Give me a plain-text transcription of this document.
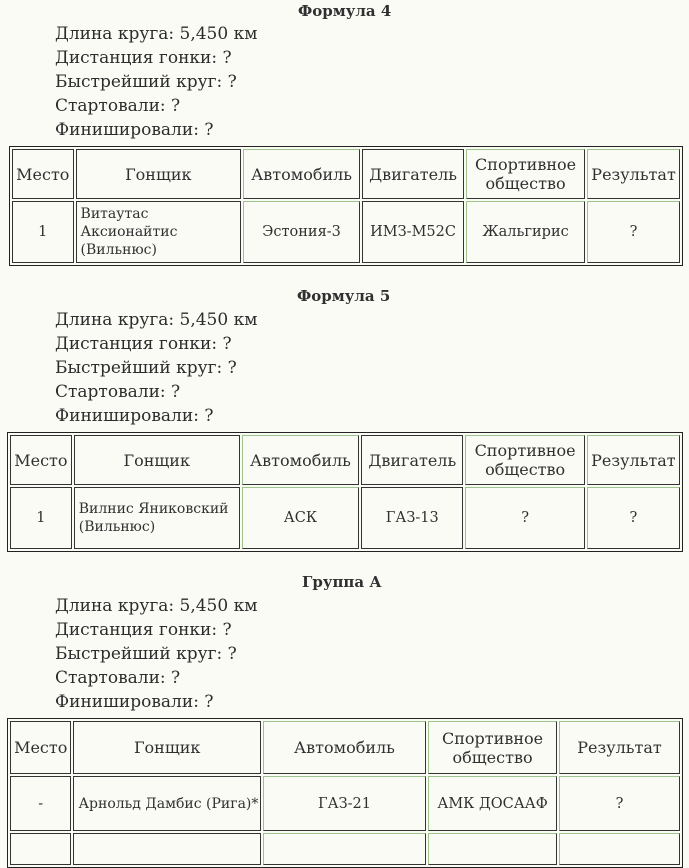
Формула 4
Длина круга: 5,450 км
Дистанция гонки: ?
Быстрейший круг: ?
Стартовали: ?
Финишировали: ?
Место	Гонщик	Автомобиль	Двигатель	Спортивное общество	Результат
1	Витаутас Аксионайтис (Вильнюс)	Эстония-3	ИМЗ-М52С	Жальгирис	?
Формула 5
Длина круга: 5,450 км
Дистанция гонки: ?
Быстрейший круг: ?
Стартовали: ?
Финишировали: ?
Место	Гонщик	Автомобиль	Двигатель	Спортивное общество	Результат
1	Вилнис Яниковский (Вильнюс)	АСК	ГАЗ-13	?	?
Группа А
Длина круга: 5,450 км
Дистанция гонки: ?
Быстрейший круг: ?
Стартовали: ?
Финишировали: ?
Место	Гонщик	Автомобиль	Спортивное общество	Результат
-	Арнольд Дамбис (Рига)*	ГАЗ-21	АМК ДОСААФ	?
